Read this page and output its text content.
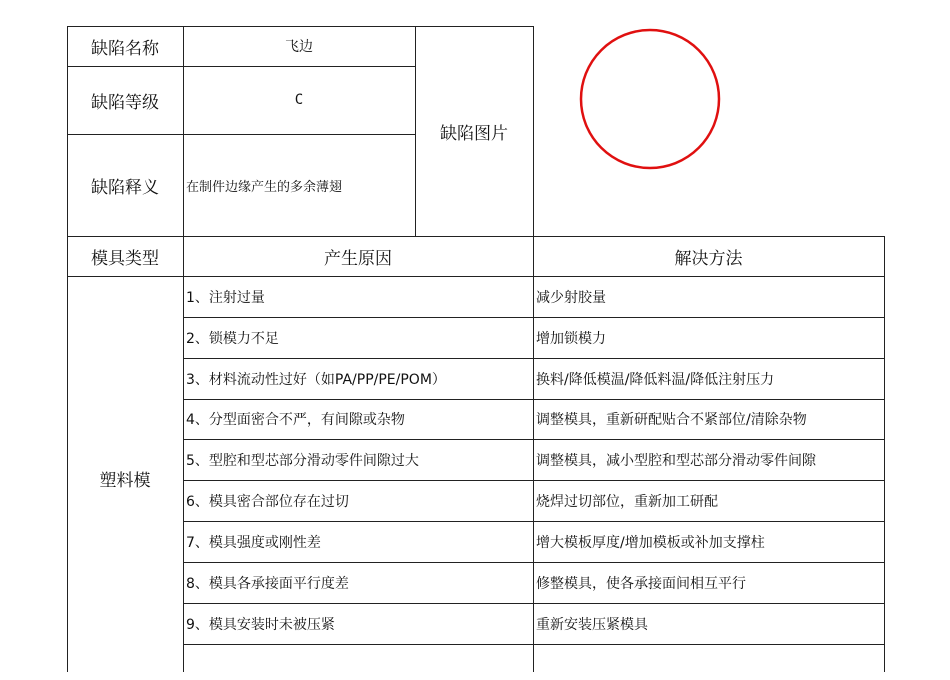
缺陷名称	飞边
缺陷等级	C
缺陷释义	在制件边缘产生的多余薄翅
缺陷图片
模具类型	产生原因	解决方法
塑料模
1、注射过量	减少射胶量
2、锁模力不足	增加锁模力
3、材料流动性过好（如PA/PP/PE/POM）	换料/降低模温/降低料温/降低注射压力
4、分型面密合不严，有间隙或杂物	调整模具，重新研配贴合不紧部位/清除杂物
5、型腔和型芯部分滑动零件间隙过大	调整模具，减小型腔和型芯部分滑动零件间隙
6、模具密合部位存在过切	烧焊过切部位，重新加工研配
7、模具强度或刚性差	增大模板厚度/增加模板或补加支撑柱
8、模具各承接面平行度差	修整模具，使各承接面间相互平行
9、模具安装时未被压紧	重新安装压紧模具
